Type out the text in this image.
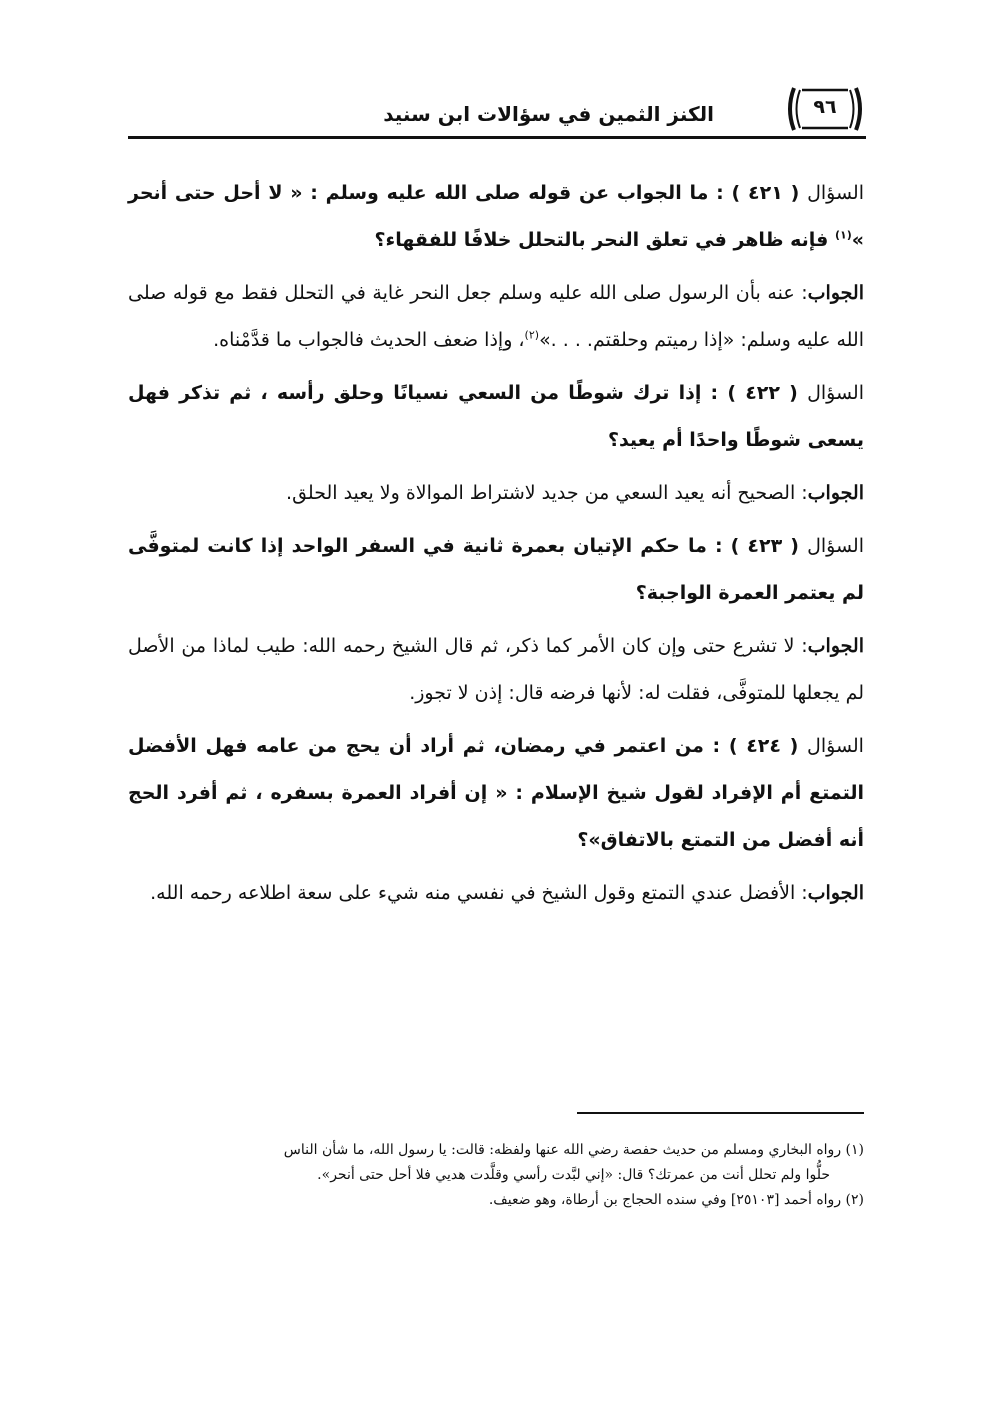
٩٦
الكنز الثمين في سؤالات ابن سنيد

السؤال ( ٤٢١ ) : ما الجواب عن قوله صلى الله عليه وسلم : « لا أحل حتى أنحر »$^{(١)}$ فإنه ظاهر في تعلق النحر بالتحلل خلافًا للفقهاء؟

الجواب: عنه بأن الرسول صلى الله عليه وسلم جعل النحر غاية في التحلل فقط مع قوله صلى الله عليه وسلم: «إذا رميتم وحلقتم. . . .»$^{(٢)}$، وإذا ضعف الحديث فالجواب ما قدَّمْناه.

السؤال ( ٤٢٢ ) : إذا ترك شوطًا من السعي نسيانًا وحلق رأسه ، ثم تذكر فهل يسعى شوطًا واحدًا أم يعيد؟

الجواب: الصحيح أنه يعيد السعي من جديد لاشتراط الموالاة ولا يعيد الحلق.

السؤال ( ٤٢٣ ) : ما حكم الإتيان بعمرة ثانية في السفر الواحد إذا كانت لمتوفَّى لم يعتمر العمرة الواجبة؟

الجواب: لا تشرع حتى وإن كان الأمر كما ذكر، ثم قال الشيخ رحمه الله: طيب لماذا من الأصل لم يجعلها للمتوفَّى، فقلت له: لأنها فرضه قال: إذن لا تجوز.

السؤال ( ٤٢٤ ) : من اعتمر في رمضان، ثم أراد أن يحج من عامه فهل الأفضل التمتع أم الإفراد لقول شيخ الإسلام : « إن أفراد العمرة بسفره ، ثم أفرد الحج أنه أفضل من التمتع بالاتفاق»؟

الجواب: الأفضل عندي التمتع وقول الشيخ في نفسي منه شيء على سعة اطلاعه رحمه الله.

(١) رواه البخاري ومسلم من حديث حفصة رضي الله عنها ولفظه: قالت: يا رسول الله، ما شأن الناس

حلُّوا ولم تحلل أنت من عمرتك؟ قال: «إني لبَّدت رأسي وقلَّدت هديي فلا أحل حتى أنحر».

(٢) رواه أحمد [٢٥١٠٣] وفي سنده الحجاج بن أرطاة، وهو ضعيف.
